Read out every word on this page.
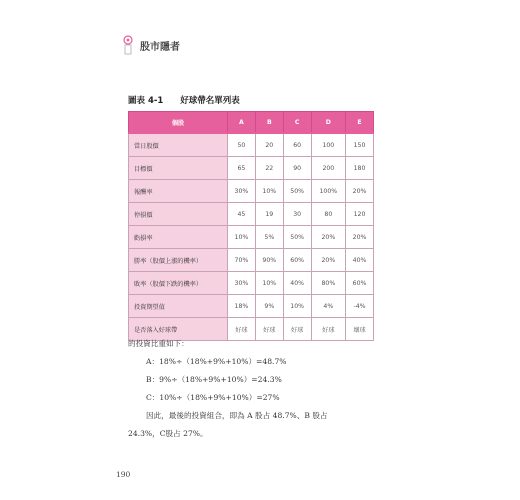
股市隱者
圖表 4-1 好球帶名單列表
個股	A	B	C	D	E
當日股價	50	20	60	100	150
目標價	65	22	90	200	180
報酬率	30%	10%	50%	100%	20%
停損價	45	19	30	80	120
虧損率	10%	5%	50%	20%	20%
勝率（股價上漲的機率）	70%	90%	60%	20%	40%
敗率（股價下跌的機率）	30%	10%	40%	80%	60%
投資期望值	18%	9%	10%	4%	-4%
是否落入好球帶	好球	好球	好球	好球	壞球
的投資比重如下：
A：18%÷（18%+9%+10%）=48.7%
B：9%÷（18%+9%+10%）=24.3%
C：10%÷（18%+9%+10%）=27%
因此，最後的投資組合，即為 A 股占 48.7%、B 股占
24.3%，C股占 27%。
190
